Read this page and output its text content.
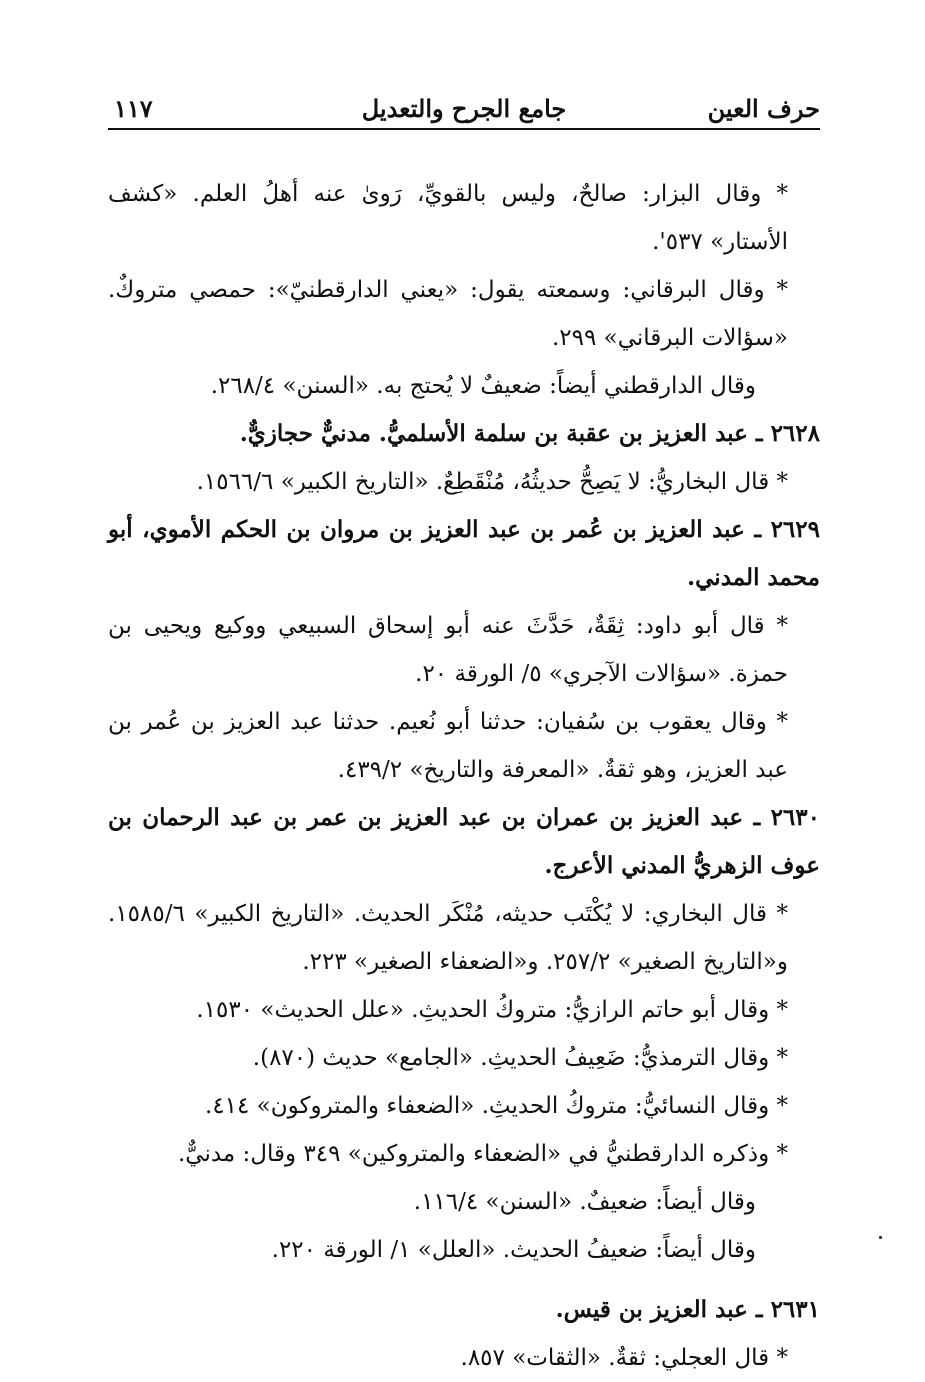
حرف العين
جامع الجرح والتعديل
١١٧

* وقال البزار: صالحٌ، وليس بالقويِّ، رَوىٰ عنه أهلُ العلم. «كشف الأستار» ٥٣٧'.

* وقال البرقاني: وسمعته يقول: «يعني الدارقطنيّ»: حمصي متروكٌ. «سؤالات البرقاني» ٢٩٩.

وقال الدارقطني أيضاً: ضعيفٌ لا يُحتج به. «السنن» ٢٦٨/٤.

٢٦٢٨ ـ عبد العزيز بن عقبة بن سلمة الأسلميُّ. مدنيٌّ حجازيٌّ.

* قال البخاريُّ: لا يَصِحُّ حديثُهُ، مُنْقَطِعٌ. «التاريخ الكبير» ١٥٦٦/٦.

٢٦٢٩ ـ عبد العزيز بن عُمر بن عبد العزيز بن مروان بن الحكم الأموي، أبو محمد المدني.

* قال أبو داود: ثِقَةٌ، حَدَّثَ عنه أبو إسحاق السبيعي ووكيع ويحيى بن حمزة. «سؤالات الآجري» ٥/ الورقة ٢٠.

* وقال يعقوب بن سُفيان: حدثنا أبو نُعيم. حدثنا عبد العزيز بن عُمر بن عبد العزيز، وهو ثقةٌ. «المعرفة والتاريخ» ٤٣٩/٢.

٢٦٣٠ ـ عبد العزيز بن عمران بن عبد العزيز بن عمر بن عبد الرحمان بن عوف الزهريُّ المدني الأعرج.

* قال البخاري: لا يُكْتَب حديثه، مُنْكَر الحديث. «التاريخ الكبير» ١٥٨٥/٦. و«التاريخ الصغير» ٢٥٧/٢. و«الضعفاء الصغير» ٢٢٣.

* وقال أبو حاتم الرازيُّ: متروكُ الحديثِ. «علل الحديث» ١٥٣٠.

* وقال الترمذيُّ: ضَعِيفُ الحديثِ. «الجامع» حديث (٨٧٠).

* وقال النسائيُّ: متروكُ الحديثِ. «الضعفاء والمتروكون» ٤١٤.

* وذكره الدارقطنيُّ في «الضعفاء والمتروكين» ٣٤٩ وقال: مدنيٌّ.

وقال أيضاً: ضعيفٌ. «السنن» ١١٦/٤.

وقال أيضاً: ضعيفُ الحديث. «العلل» ١/ الورقة ٢٢٠.

٢٦٣١ ـ عبد العزيز بن قيس.

* قال العجلي: ثقةٌ. «الثقات» ٨٥٧.
